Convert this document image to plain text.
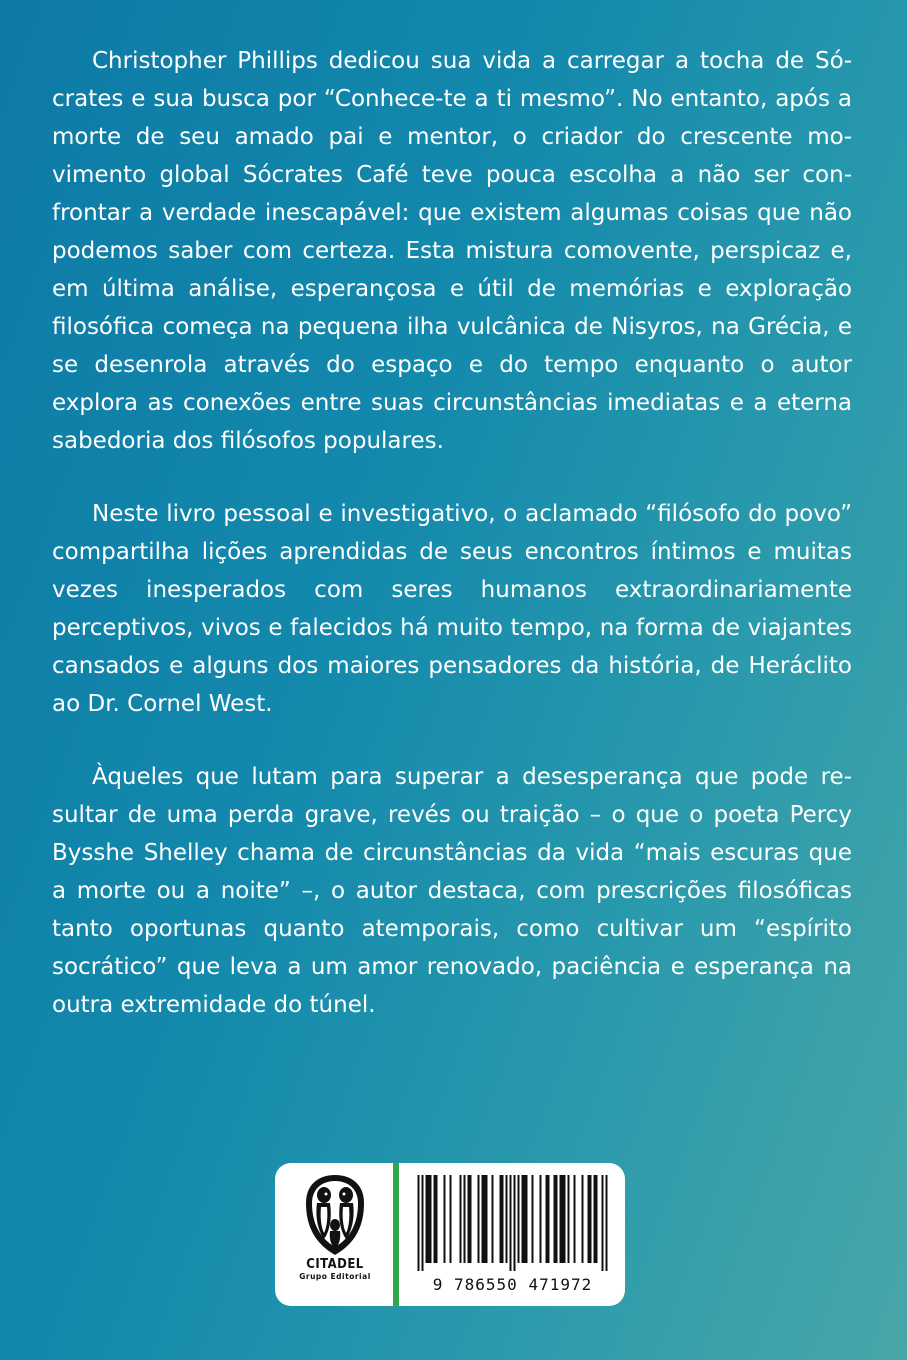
Christopher Phillips dedicou sua vida a carregar a tocha de Sócrates e sua busca por “Conhece-te a ti mesmo”. No entanto, após a morte de seu amado pai e mentor, o criador do crescente movimento global Sócrates Café teve pouca escolha a não ser confrontar a verdade inescapável: que existem algumas coisas que não podemos saber com certeza. Esta mistura comovente, perspicaz e, em última análise, esperançosa e útil de memórias e exploração filosófica começa na pequena ilha vulcânica de Nisyros, na Grécia, e se desenrola através do espaço e do tempo enquanto o autor explora as conexões entre suas circunstâncias imediatas e a eterna sabedoria dos filósofos populares.

Neste livro pessoal e investigativo, o aclamado “filósofo do povo” compartilha lições aprendidas de seus encontros íntimos e muitas vezes inesperados com seres humanos extraordinariamente perceptivos, vivos e falecidos há muito tempo, na forma de viajantes cansados e alguns dos maiores pensadores da história, de Heráclito ao Dr. Cornel West.

Àqueles que lutam para superar a desesperança que pode resultar de uma perda grave, revés ou traição – o que o poeta Percy Bysshe Shelley chama de circunstâncias da vida “mais escuras que a morte ou a noite” –, o autor destaca, com prescrições filosóficas tanto oportunas quanto atemporais, como cultivar um “espírito socrático” que leva a um amor renovado, paciência e esperança na outra extremidade do túnel.

CITADEL
Grupo Editorial	9 786550 471972
